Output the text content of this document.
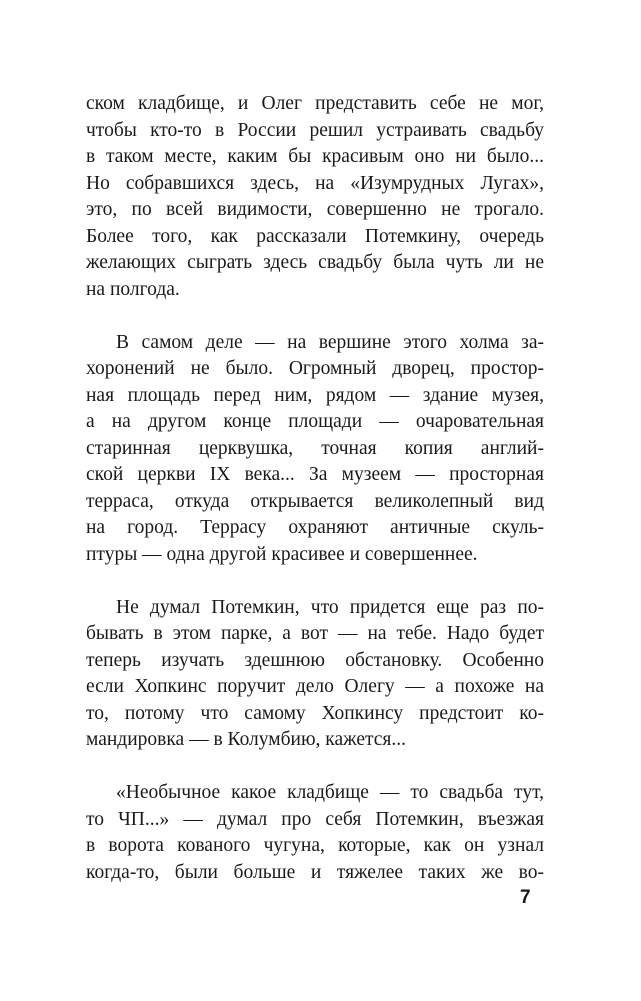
ском кладбище, и Олег представить себе не мог,
чтобы кто-то в России решил устраивать свадьбу
в таком месте, каким бы красивым оно ни было...
Но собравшихся здесь, на «Изумрудных Лугах»,
это, по всей видимости, совершенно не трогало.
Более того, как рассказали Потемкину, очередь
желающих сыграть здесь свадьбу была чуть ли не
на полгода.
В самом деле — на вершине этого холма за-
хоронений не было. Огромный дворец, простор-
ная площадь перед ним, рядом — здание музея,
а на другом конце площади — очаровательная
старинная церквушка, точная копия англий-
ской церкви IX века... За музеем — просторная
терраса, откуда открывается великолепный вид
на город. Террасу охраняют античные скуль-
птуры — одна другой красивее и совершеннее.
Не думал Потемкин, что придется еще раз по-
бывать в этом парке, а вот — на тебе. Надо будет
теперь изучать здешнюю обстановку. Особенно
если Хопкинс поручит дело Олегу — а похоже на
то, потому что самому Хопкинсу предстоит ко-
мандировка — в Колумбию, кажется...
«Необычное какое кладбище — то свадьба тут,
то ЧП...» — думал про себя Потемкин, въезжая
в ворота кованого чугуна, которые, как он узнал
когда-то, были больше и тяжелее таких же во-
7
